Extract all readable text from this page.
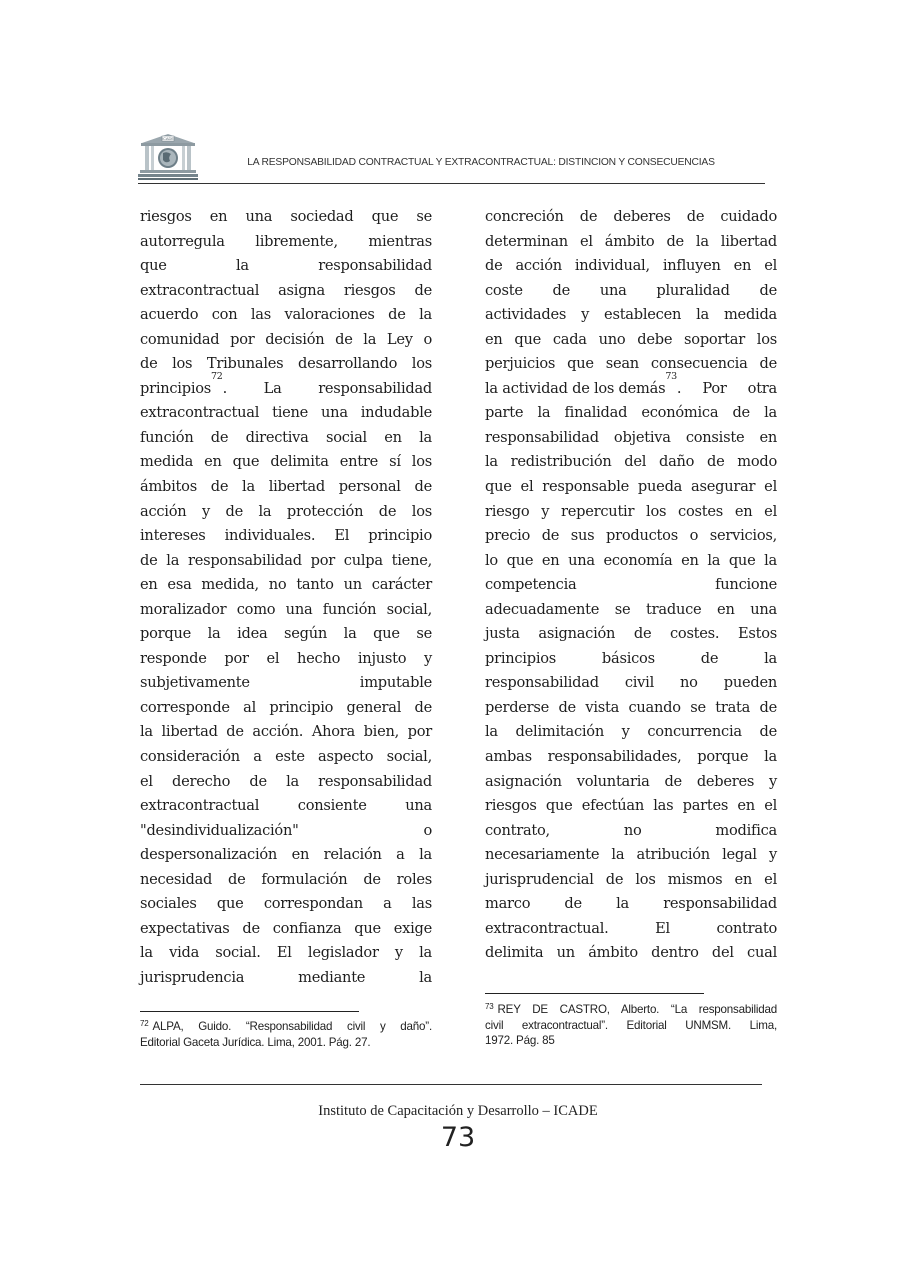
ICADE
LA RESPONSABILIDAD CONTRACTUAL Y EXTRACONTRACTUAL: DISTINCION Y CONSECUENCIAS
riesgos en una sociedad que se
autorregula libremente, mientras
que la responsabilidad
extracontractual asigna riesgos de
acuerdo con las valoraciones de la
comunidad por decisión de la Ley o
de los Tribunales desarrollando los
principios
72
. La responsabilidad
extracontractual tiene una indudable
función de directiva social en la
medida en que delimita entre sí los
ámbitos de la libertad personal de
acción y de la protección de los
intereses individuales. El principio
de la responsabilidad por culpa tiene,
en esa medida, no tanto un carácter
moralizador como una función social,
porque la idea según la que se
responde por el hecho injusto y
subjetivamente imputable
corresponde al principio general de
la libertad de acción. Ahora bien, por
consideración a este aspecto social,
el derecho de la responsabilidad
extracontractual consiente una
"desindividualización" o
despersonalización en relación a la
necesidad de formulación de roles
sociales que correspondan a las
expectativas de confianza que exige
la vida social. El legislador y la
jurisprudencia mediante la
concreción de deberes de cuidado
determinan el ámbito de la libertad
de acción individual, influyen en el
coste de una pluralidad de
actividades y establecen la medida
en que cada uno debe soportar los
perjuicios que sean consecuencia de
la actividad de los demás
73
. Por otra
parte la finalidad económica de la
responsabilidad objetiva consiste en
la redistribución del daño de modo
que el responsable pueda asegurar el
riesgo y repercutir los costes en el
precio de sus productos o servicios,
lo que en una economía en la que la
competencia funcione
adecuadamente se traduce en una
justa asignación de costes. Estos
principios básicos de la
responsabilidad civil no pueden
perderse de vista cuando se trata de
la delimitación y concurrencia de
ambas responsabilidades, porque la
asignación voluntaria de deberes y
riesgos que efectúan las partes en el
contrato, no modifica
necesariamente la atribución legal y
jurisprudencial de los mismos en el
marco de la responsabilidad
extracontractual. El contrato
delimita un ámbito dentro del cual
$^{72}$ ALPA, Guido. “Responsabilidad civil y daño”.
Editorial Gaceta Jurídica. Lima, 2001. Pág. 27.
$^{73}$ REY DE CASTRO, Alberto. “La responsabilidad
civil extracontractual”. Editorial UNMSM. Lima,
1972. Pág. 85
Instituto de Capacitación y Desarrollo – ICADE
73
